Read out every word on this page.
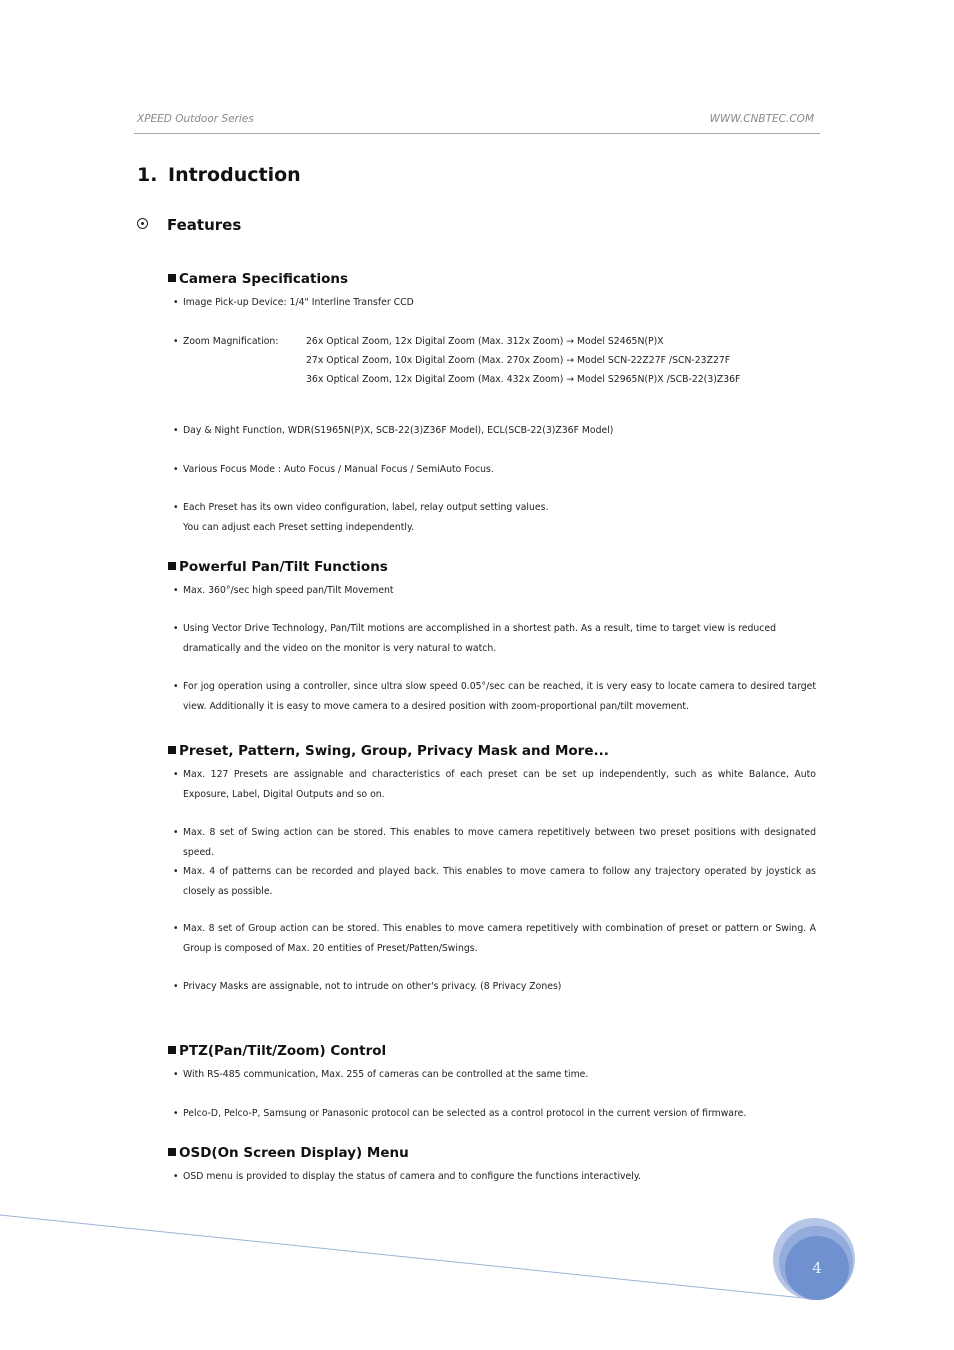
XPEED Outdoor Series	WWW.CNBTEC.COM
1. Introduction
Features
Camera Specifications
• Image Pick-up Device: 1/4" Interline Transfer CCD
• Zoom Magnification:	26x Optical Zoom, 12x Digital Zoom (Max. 312x Zoom) → Model S2465N(P)X
27x Optical Zoom, 10x Digital Zoom (Max. 270x Zoom) → Model SCN-22Z27F /SCN-23Z27F
36x Optical Zoom, 12x Digital Zoom (Max. 432x Zoom) → Model S2965N(P)X /SCB-22(3)Z36F
• Day & Night Function, WDR(S1965N(P)X, SCB-22(3)Z36F Model), ECL(SCB-22(3)Z36F Model)
• Various Focus Mode : Auto Focus / Manual Focus / SemiAuto Focus.
• Each Preset has its own video configuration, label, relay output setting values.
You can adjust each Preset setting independently.
Powerful Pan/Tilt Functions
• Max. 360°/sec high speed pan/Tilt Movement
• Using Vector Drive Technology, Pan/Tilt motions are accomplished in a shortest path. As a result, time to target view is reduced
dramatically and the video on the monitor is very natural to watch.
• For jog operation using a controller, since ultra slow speed 0.05°/sec can be reached, it is very easy to locate camera to desired target view. Additionally it is easy to move camera to a desired position with zoom-proportional pan/tilt movement.
Preset, Pattern, Swing, Group, Privacy Mask and More...
• Max. 127 Presets are assignable and characteristics of each preset can be set up independently, such as white Balance, Auto Exposure, Label, Digital Outputs and so on.
• Max. 8 set of Swing action can be stored. This enables to move camera repetitively between two preset positions with designated speed.
• Max. 4 of patterns can be recorded and played back. This enables to move camera to follow any trajectory operated by joystick as closely as possible.
• Max. 8 set of Group action can be stored. This enables to move camera repetitively with combination of preset or pattern or Swing. A Group is composed of Max. 20 entities of Preset/Patten/Swings.
• Privacy Masks are assignable, not to intrude on other's privacy. (8 Privacy Zones)
PTZ(Pan/Tilt/Zoom) Control
• With RS-485 communication, Max. 255 of cameras can be controlled at the same time.
• Pelco-D, Pelco-P, Samsung or Panasonic protocol can be selected as a control protocol in the current version of firmware.
OSD(On Screen Display) Menu
• OSD menu is provided to display the status of camera and to configure the functions interactively.
4
